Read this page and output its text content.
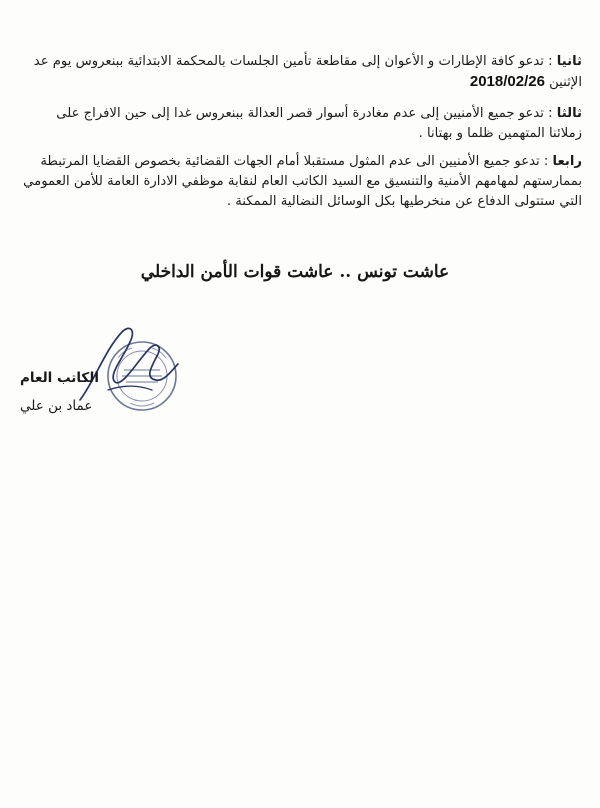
ثانيا : تدعو كافة الإطارات و الأعوان إلى مقاطعة تأمين الجلسات بالمحكمة الابتدائية ببنعروس يوم عد الإثنين 2018/02/26

ثالثا : تدعو جميع الأمنيين إلى عدم مغادرة أسوار قصر العدالة ببنعروس غدا إلى حين الافراج على زملائنا المتهمين ظلما و بهتانا .

رابعا : تدعو جميع الأمنيين الى عدم المثول مستقبلا أمام الجهات القضائية بخصوص القضايا المرتبطة بممارستهم لمهامهم الأمنية والتنسيق مع السيد الكاتب العام لنقابة موظفي الادارة العامة للأمن العمومي التي ستتولى الدفاع عن منخرطيها بكل الوسائل النضالية الممكنة .

عاشت تونس .. عاشت قوات الأمن الداخلي
الكاتب العام
عماد بن علي
